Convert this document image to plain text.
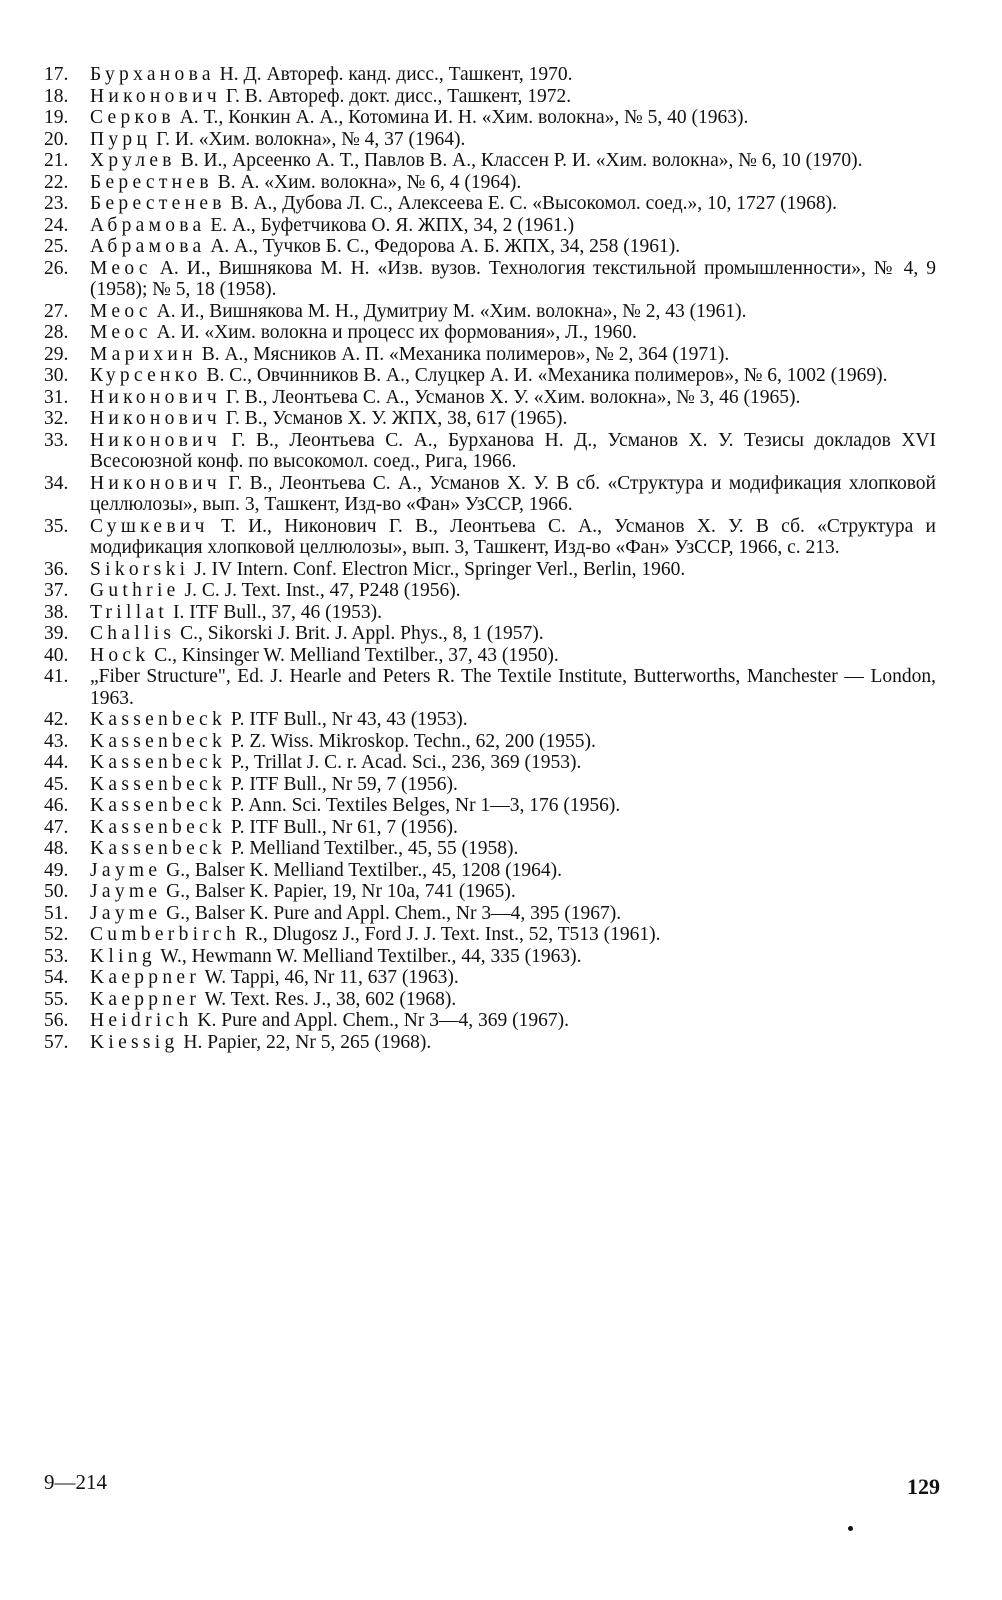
17.	Бурханова Н. Д. Автореф. канд. дисс., Ташкент, 1970.
18.	Никонович Г. В. Автореф. докт. дисс., Ташкент, 1972.
19.	Серков А. Т., Конкин А. А., Котомина И. Н. «Хим. волокна», № 5, 40 (1963).
20.	Пурц Г. И. «Хим. волокна», № 4, 37 (1964).
21.	Хрулев В. И., Арсеенко А. Т., Павлов В. А., Классен Р. И. «Хим. волокна», № 6, 10 (1970).
22.	Берестнев В. А. «Хим. волокна», № 6, 4 (1964).
23.	Берестенев В. А., Дубова Л. С., Алексеева Е. С. «Высокомол. соед.», 10, 1727 (1968).
24.	Абрамова Е. А., Буфетчикова О. Я. ЖПХ, 34, 2 (1961.)
25.	Абрамова А. А., Тучков Б. С., Федорова А. Б. ЖПХ, 34, 258 (1961).
26.	Меос А. И., Вишнякова М. Н. «Изв. вузов. Технология текстильной промышленности», № 4, 9 (1958); № 5, 18 (1958).
27.	Меос А. И., Вишнякова М. Н., Думитриу М. «Хим. волокна», № 2, 43 (1961).
28.	Меос А. И. «Хим. волокна и процесс их формования», Л., 1960.
29.	Марихин В. А., Мясников А. П. «Механика полимеров», № 2, 364 (1971).
30.	Курсенко В. С., Овчинников В. А., Слуцкер А. И. «Механика полимеров», № 6, 1002 (1969).
31.	Никонович Г. В., Леонтьева С. А., Усманов Х. У. «Хим. волокна», № 3, 46 (1965).
32.	Никонович Г. В., Усманов Х. У. ЖПХ, 38, 617 (1965).
33.	Никонович Г. В., Леонтьева С. А., Бурханова Н. Д., Усманов Х. У. Тезисы докладов XVI Всесоюзной конф. по высокомол. соед., Рига, 1966.
34.	Никонович Г. В., Леонтьева С. А., Усманов Х. У. В сб. «Структура и модификация хлопковой целлюлозы», вып. 3, Ташкент, Изд-во «Фан» УзССР, 1966.
35.	Сушкевич Т. И., Никонович Г. В., Леонтьева С. А., Усманов Х. У. В сб. «Структура и модификация хлопковой целлюлозы», вып. 3, Ташкент, Изд-во «Фан» УзССР, 1966, с. 213.
36.	Sikorski J. IV Intern. Conf. Electron Micr., Springer Verl., Berlin, 1960.
37.	Guthrie J. C. J. Text. Inst., 47, P248 (1956).
38.	Trillat I. ITF Bull., 37, 46 (1953).
39.	Challis C., Sikorski J. Brit. J. Appl. Phys., 8, 1 (1957).
40.	Hock C., Kinsinger W. Melliand Textilber., 37, 43 (1950).
41.	„Fiber Structure", Ed. J. Hearle and Peters R. The Textile Institute, Butterworths, Manchester — London, 1963.
42.	Kassenbeck P. ITF Bull., Nr 43, 43 (1953).
43.	Kassenbeck P. Z. Wiss. Mikroskop. Techn., 62, 200 (1955).
44.	Kassenbeck P., Trillat J. C. r. Acad. Sci., 236, 369 (1953).
45.	Kassenbeck P. ITF Bull., Nr 59, 7 (1956).
46.	Kassenbeck P. Ann. Sci. Textiles Belges, Nr 1—3, 176 (1956).
47.	Kassenbeck P. ITF Bull., Nr 61, 7 (1956).
48.	Kassenbeck P. Melliand Textilber., 45, 55 (1958).
49.	Jayme G., Balser K. Melliand Textilber., 45, 1208 (1964).
50.	Jayme G., Balser K. Papier, 19, Nr 10a, 741 (1965).
51.	Jayme G., Balser K. Pure and Appl. Chem., Nr 3—4, 395 (1967).
52.	Cumberbirch R., Dlugosz J., Ford J. J. Text. Inst., 52, T513 (1961).
53.	Kling W., Hewmann W. Melliand Textilber., 44, 335 (1963).
54.	Kaeppner W. Tappi, 46, Nr 11, 637 (1963).
55.	Kaeppner W. Text. Res. J., 38, 602 (1968).
56.	Heidrich K. Pure and Appl. Chem., Nr 3—4, 369 (1967).
57.	Kiessig H. Papier, 22, Nr 5, 265 (1968).
9—214	129
